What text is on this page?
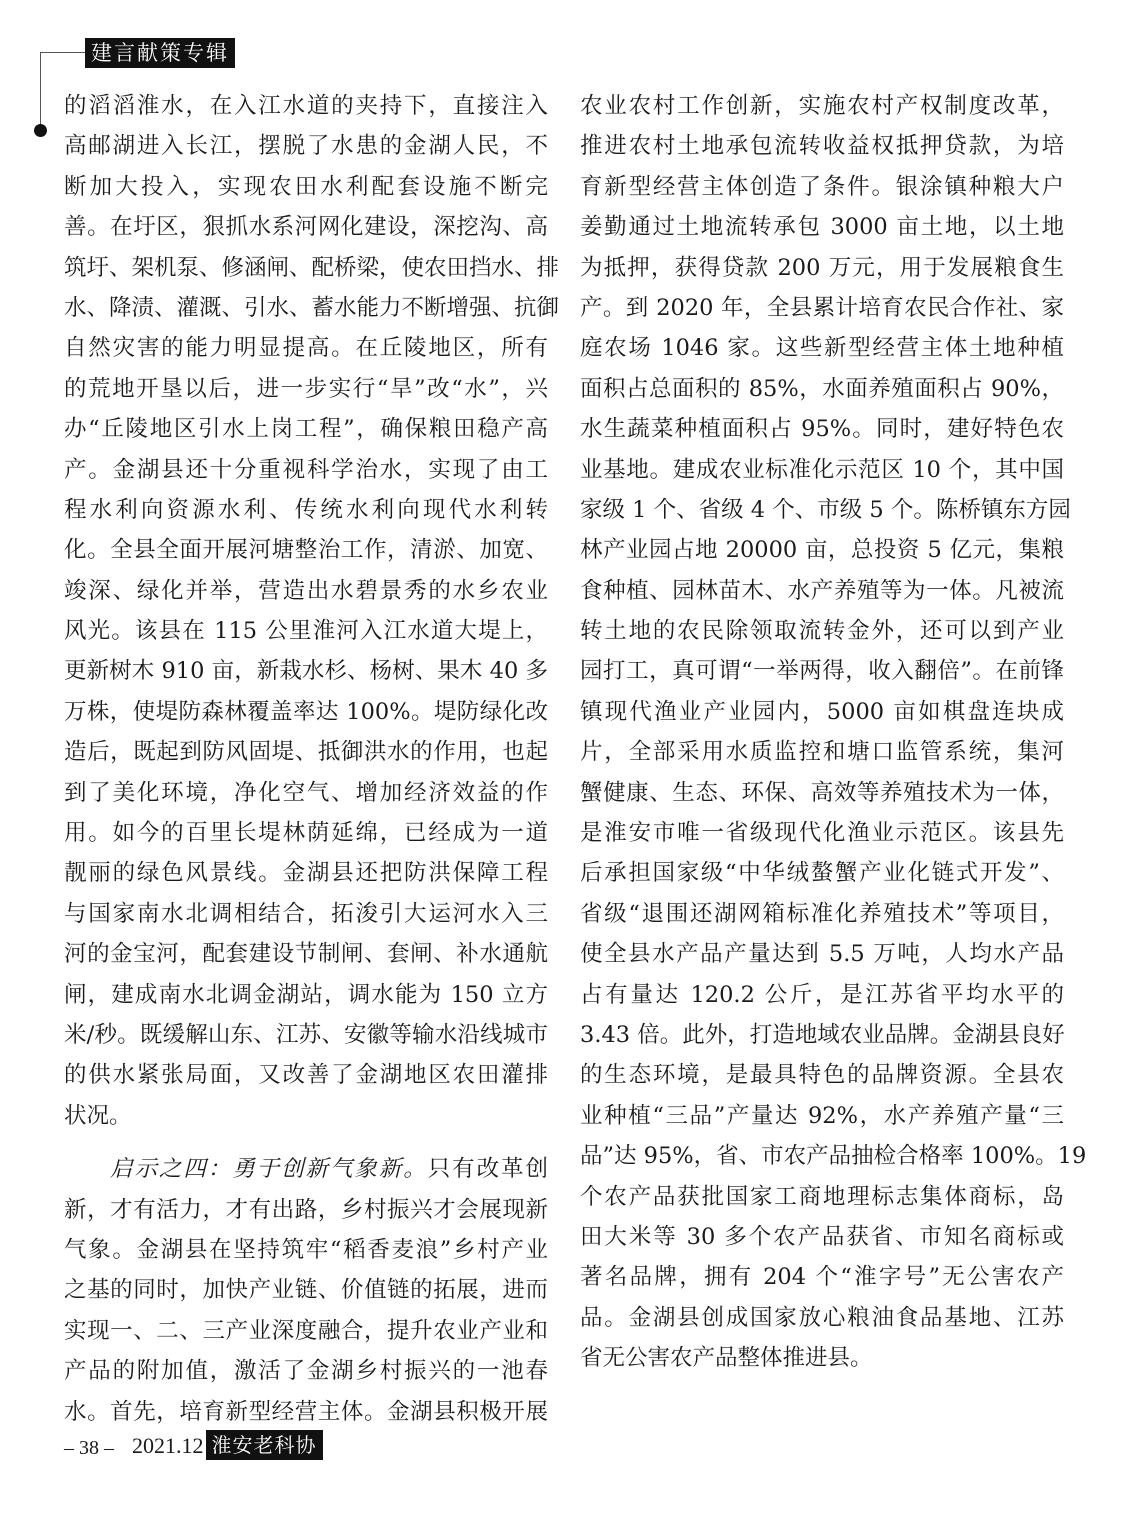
建言献策专辑
的滔滔淮水，在入江水道的夹持下，直接注入
高邮湖进入长江，摆脱了水患的金湖人民，不
断加大投入，实现农田水利配套设施不断完
善。在圩区，狠抓水系河网化建设，深挖沟、高
筑圩、架机泵、修涵闸、配桥梁，使农田挡水、排
水、降渍、灌溉、引水、蓄水能力不断增强、抗御
自然灾害的能力明显提高。在丘陵地区，所有
的荒地开垦以后，进一步实行“旱”改“水”，兴
办“丘陵地区引水上岗工程”，确保粮田稳产高
产。金湖县还十分重视科学治水，实现了由工
程水利向资源水利、传统水利向现代水利转
化。全县全面开展河塘整治工作，清淤、加宽、
竣深、绿化并举，营造出水碧景秀的水乡农业
风光。该县在 115 公里淮河入江水道大堤上，
更新树木 910 亩，新栽水杉、杨树、果木 40 多
万株，使堤防森林覆盖率达 100%。堤防绿化改
造后，既起到防风固堤、抵御洪水的作用，也起
到了美化环境，净化空气、增加经济效益的作
用。如今的百里长堤林荫延绵，已经成为一道
靓丽的绿色风景线。金湖县还把防洪保障工程
与国家南水北调相结合，拓浚引大运河水入三
河的金宝河，配套建设节制闸、套闸、补水通航
闸，建成南水北调金湖站，调水能为 150 立方
米/秒。既缓解山东、江苏、安徽等输水沿线城市
的供水紧张局面，又改善了金湖地区农田灌排
状况。
启示之四：勇于创新气象新。只有改革创
新，才有活力，才有出路，乡村振兴才会展现新
气象。金湖县在坚持筑牢“稻香麦浪”乡村产业
之基的同时，加快产业链、价值链的拓展，进而
实现一、二、三产业深度融合，提升农业产业和
产品的附加值，激活了金湖乡村振兴的一池春
水。首先，培育新型经营主体。金湖县积极开展
农业农村工作创新，实施农村产权制度改革，
推进农村土地承包流转收益权抵押贷款，为培
育新型经营主体创造了条件。银涂镇种粮大户
姜勤通过土地流转承包 3000 亩土地，以土地
为抵押，获得贷款 200 万元，用于发展粮食生
产。到 2020 年，全县累计培育农民合作社、家
庭农场 1046 家。这些新型经营主体土地种植
面积占总面积的 85%，水面养殖面积占 90%，
水生蔬菜种植面积占 95%。同时，建好特色农
业基地。建成农业标准化示范区 10 个，其中国
家级 1 个、省级 4 个、市级 5 个。陈桥镇东方园
林产业园占地 20000 亩，总投资 5 亿元，集粮
食种植、园林苗木、水产养殖等为一体。凡被流
转土地的农民除领取流转金外，还可以到产业
园打工，真可谓“一举两得，收入翻倍”。在前锋
镇现代渔业产业园内，5000 亩如棋盘连块成
片，全部采用水质监控和塘口监管系统，集河
蟹健康、生态、环保、高效等养殖技术为一体，
是淮安市唯一省级现代化渔业示范区。该县先
后承担国家级“中华绒螯蟹产业化链式开发”、
省级“退围还湖网箱标准化养殖技术”等项目，
使全县水产品产量达到 5.5 万吨，人均水产品
占有量达 120.2 公斤，是江苏省平均水平的
3.43 倍。此外，打造地域农业品牌。金湖县良好
的生态环境，是最具特色的品牌资源。全县农
业种植“三品”产量达 92%，水产养殖产量“三
品”达 95%，省、市农产品抽检合格率 100%。19
个农产品获批国家工商地理标志集体商标，岛
田大米等 30 多个农产品获省、市知名商标或
著名品牌，拥有 204 个“淮字号”无公害农产
品。金湖县创成国家放心粮油食品基地、江苏
省无公害农产品整体推进县。
– 38 – 2021.12 淮安老科协
